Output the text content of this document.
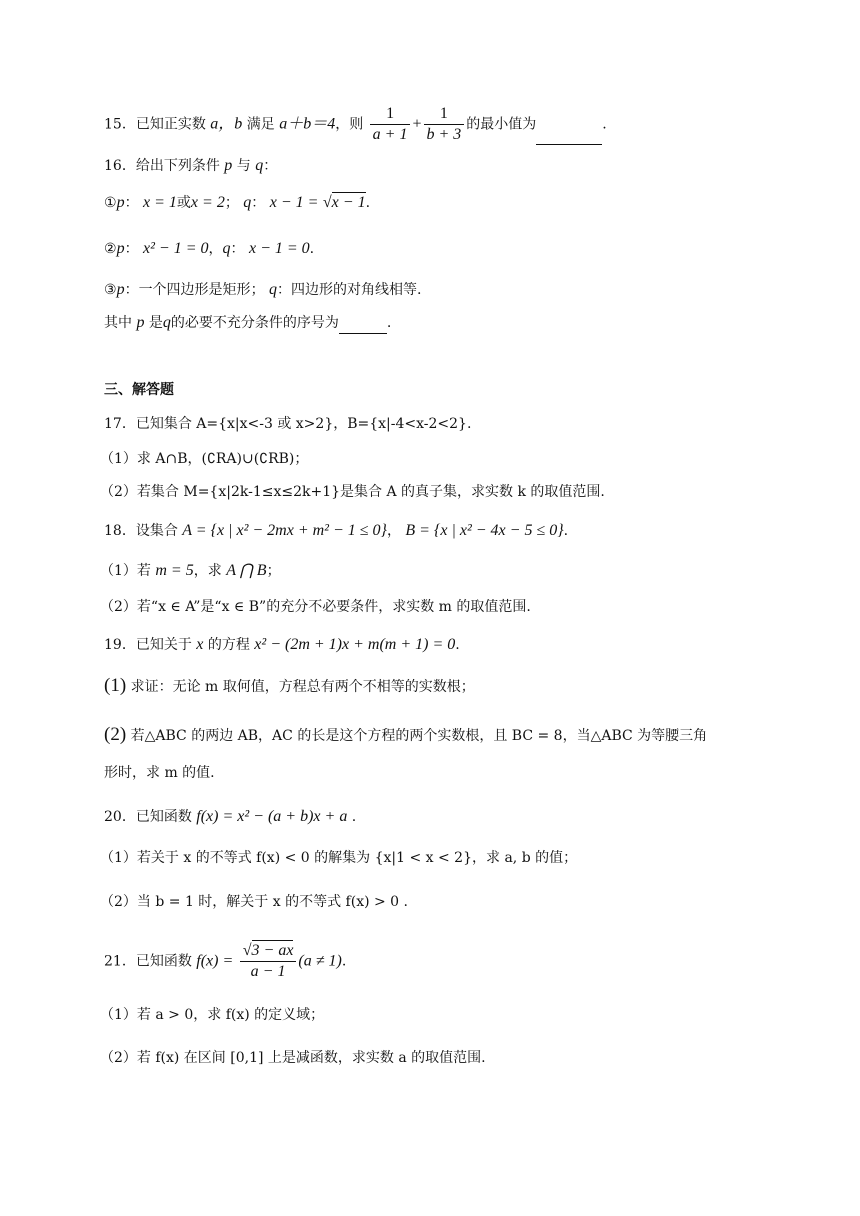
15．已知正实数 a，b 满足 a＋b＝4，则 $\frac{1}{a + 1} + \frac{1}{b + 3}$ 的最小值为	.
16．给出下列条件 p 与 q：
①p： x = 1或x = 2； q： x − 1 = √x − 1.
②p： x² − 1 = 0，q： x − 1 = 0.
③p：一个四边形是矩形； q：四边形的对角线相等.
其中 p 是q的必要不充分条件的序号为	.
三、解答题
17．已知集合 A={x|x<-3 或 x>2}，B={x|-4<x-2<2}.
（1）求 A∩B，(∁RA)∪(∁RB)；
（2）若集合 M={x|2k-1≤x≤2k+1}是集合 A 的真子集，求实数 k 的取值范围.
18．设集合 A = {x | x² − 2mx + m² − 1 ≤ 0}， B = {x | x² − 4x − 5 ≤ 0}.
（1）若 m = 5，求 A ⋂ B；
（2）若“x ∈ A”是“x ∈ B”的充分不必要条件，求实数 m 的取值范围.
19．已知关于 x 的方程 x² − (2m + 1)x + m(m + 1) = 0.
(1) 求证：无论 m 取何值，方程总有两个不相等的实数根；
(2) 若△ABC 的两边 AB，AC 的长是这个方程的两个实数根，且 BC = 8，当△ABC 为等腰三角
形时，求 m 的值.
20．已知函数 f(x) = x² − (a + b)x + a .
（1）若关于 x 的不等式 f(x) < 0 的解集为 {x|1 < x < 2}，求 a, b 的值；
（2）当 b = 1 时，解关于 x 的不等式 f(x) > 0 .
21．已知函数 $f(x) = \frac{√3 - ax}{a - 1} (a \ne 1)$.
（1）若 a > 0，求 f(x) 的定义域；
（2）若 f(x) 在区间 [0,1] 上是减函数，求实数 a 的取值范围.
